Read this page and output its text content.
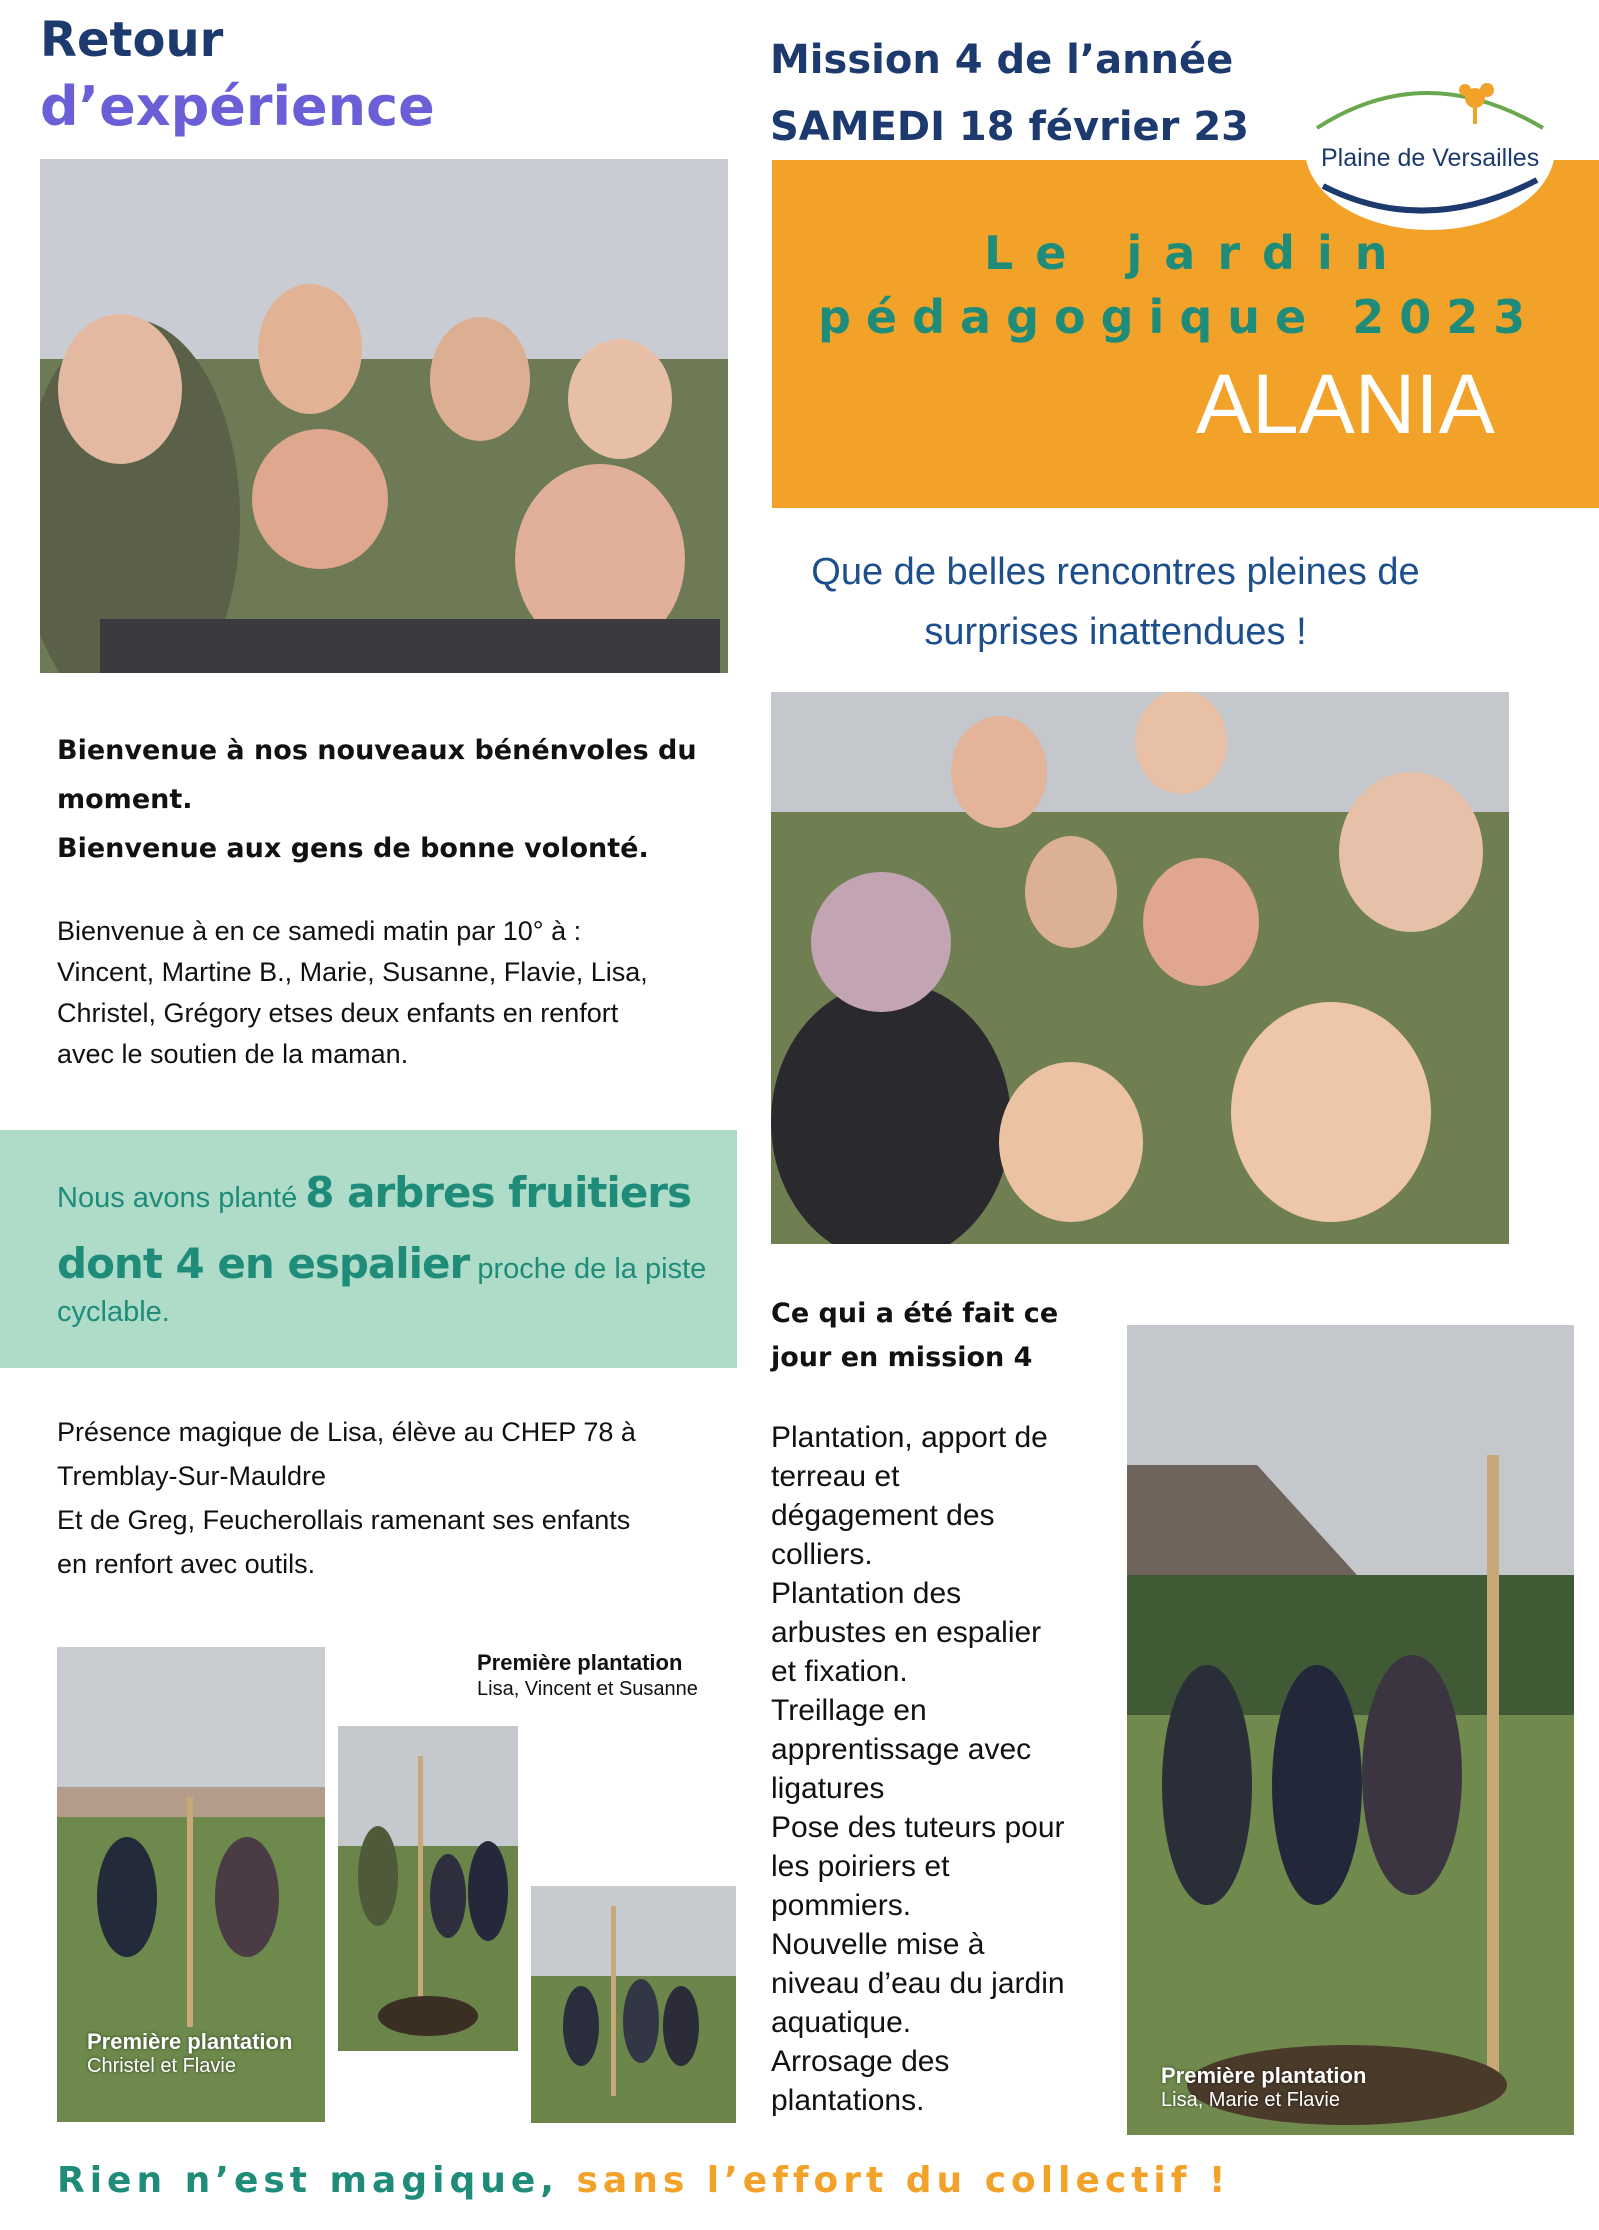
Retour
d’expérience
Mission 4 de l’année
SAMEDI 18 février 23
Le jardin
pédagogique 2023
ALANIA
Plaine de Versailles
Que de belles rencontres pleines de
surprises inattendues !
Bienvenue à nos nouveaux bénénvoles du
moment.
Bienvenue aux gens de bonne volonté.
Bienvenue à en ce samedi matin par 10° à :
Vincent, Martine B., Marie, Susanne, Flavie, Lisa,
Christel, Grégory etses deux enfants en renfort
avec le soutien de la maman.
Nous avons planté 8 arbres fruitiers
dont 4 en espalier proche de la piste
cyclable.
Présence magique de Lisa, élève au CHEP 78 à
Tremblay-Sur-Mauldre
Et de Greg, Feucherollais ramenant ses enfants
en renfort avec outils.
Ce qui a été fait ce
jour en mission 4
Plantation, apport de
terreau et
dégagement des
colliers.
Plantation des
arbustes en espalier
et fixation.
Treillage en
apprentissage avec
ligatures
Pose des tuteurs pour
les poiriers et
pommiers.
Nouvelle mise à
niveau d’eau du jardin
aquatique.
Arrosage des
plantations.
Première plantation
Lisa, Vincent et Susanne
Première plantation
Christel et Flavie	Première plantation
Lisa, Marie et Flavie
Rien n’est magique, sans l’effort du collectif !
